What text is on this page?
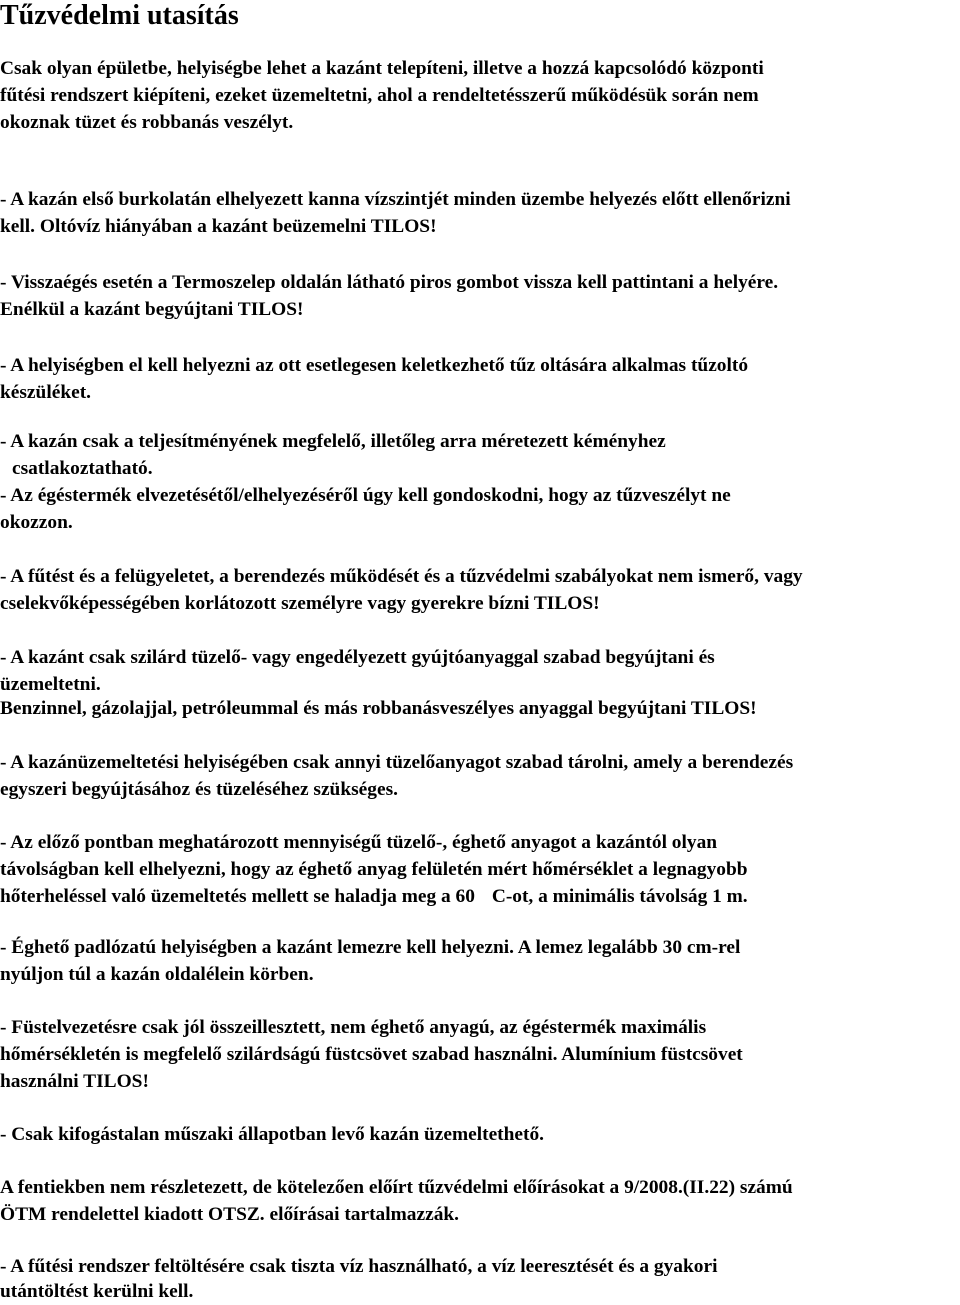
Tűzvédelmi utasítás

Csak olyan épületbe, helyiségbe lehet a kazánt telepíteni, illetve a hozzá kapcsolódó központi

fűtési rendszert kiépíteni, ezeket üzemeltetni, ahol a rendeltetésszerű működésük során nem

okoznak tüzet és robbanás veszélyt.

- A kazán első burkolatán elhelyezett kanna vízszintjét minden üzembe helyezés előtt ellenőrizni

kell. Oltóvíz hiányában a kazánt beüzemelni TILOS!

- Visszaégés esetén a Termoszelep oldalán látható piros gombot vissza kell pattintani a helyére.

Enélkül a kazánt begyújtani TILOS!

- A helyiségben el kell helyezni az ott esetlegesen keletkezhető tűz oltására alkalmas tűzoltó

készüléket.

- A kazán csak a teljesítményének megfelelő, illetőleg arra méretezett kéményhez

csatlakoztatható.

- Az égéstermék elvezetésétől/elhelyezéséről úgy kell gondoskodni, hogy az tűzveszélyt ne

okozzon.

- A fűtést és a felügyeletet, a berendezés működését és a tűzvédelmi szabályokat nem ismerő, vagy

cselekvőképességében korlátozott személyre vagy gyerekre bízni TILOS!

- A kazánt csak szilárd tüzelő- vagy engedélyezett gyújtóanyaggal szabad begyújtani és

üzemeltetni.

Benzinnel, gázolajjal, petróleummal és más robbanásveszélyes anyaggal begyújtani TILOS!

- A kazánüzemeltetési helyiségében csak annyi tüzelőanyagot szabad tárolni, amely a berendezés

egyszeri begyújtásához és tüzeléséhez szükséges.

- Az előző pontban meghatározott mennyiségű tüzelő-, éghető anyagot a kazántól olyan

távolságban kell elhelyezni, hogy az éghető anyag felületén mért hőmérséklet a legnagyobb

hőterheléssel való üzemeltetés mellett se haladja meg a 60 C-ot, a minimális távolság 1 m.

- Éghető padlózatú helyiségben a kazánt lemezre kell helyezni. A lemez legalább 30 cm-rel

nyúljon túl a kazán oldalélein körben.

- Füstelvezetésre csak jól összeillesztett, nem éghető anyagú, az égéstermék maximális

hőmérsékletén is megfelelő szilárdságú füstcsövet szabad használni. Alumínium füstcsövet

használni TILOS!

- Csak kifogástalan műszaki állapotban levő kazán üzemeltethető.

A fentiekben nem részletezett, de kötelezően előírt tűzvédelmi előírásokat a 9/2008.(II.22) számú

ÖTM rendelettel kiadott OTSZ. előírásai tartalmazzák.

- A fűtési rendszer feltöltésére csak tiszta víz használható, a víz leeresztését és a gyakori

utántöltést kerülni kell.
